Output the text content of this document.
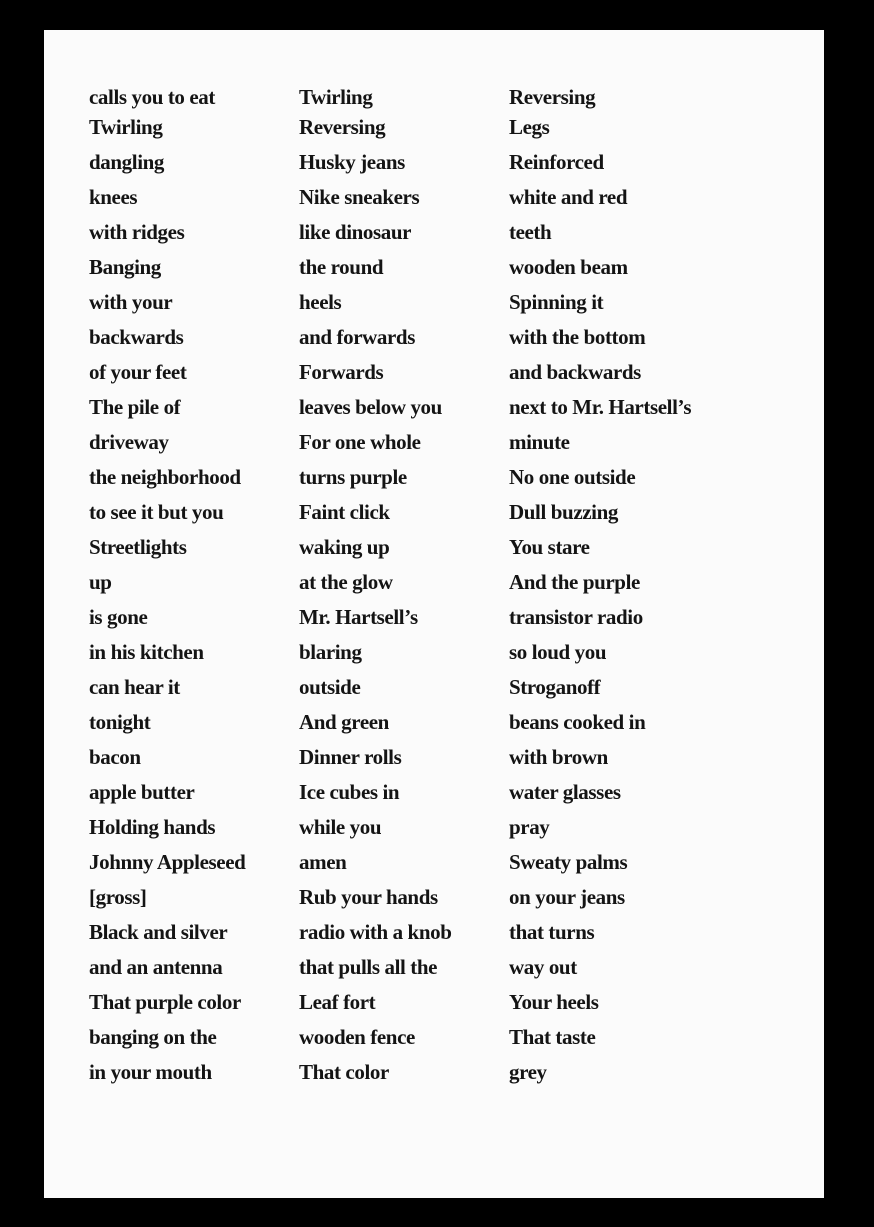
calls you to eat
Twirling
dangling
knees
with ridges
Banging
with your
backwards
of your feet
The pile of
driveway
the neighborhood
to see it but you
Streetlights
up
is gone
in his kitchen
can hear it
tonight
bacon
apple butter
Holding hands
Johnny Appleseed
[gross]
Black and silver
and an antenna
That purple color
banging on the
in your mouth
Twirling
Reversing
Husky jeans
Nike sneakers
like dinosaur
the round
heels
and forwards
Forwards
leaves below you
For one whole
turns purple
Faint click
waking up
at the glow
Mr. Hartsell’s
blaring
outside
And green
Dinner rolls
Ice cubes in
while you
amen
Rub your hands
radio with a knob
that pulls all the
Leaf fort
wooden fence
That color
Reversing
Legs
Reinforced
white and red
teeth
wooden beam
Spinning it
with the bottom
and backwards
next to Mr. Hartsell’s
minute
No one outside
Dull buzzing
You stare
And the purple
transistor radio
so loud you
Stroganoff
beans cooked in
with brown
water glasses
pray
Sweaty palms
on your jeans
that turns
way out
Your heels
That taste
grey
